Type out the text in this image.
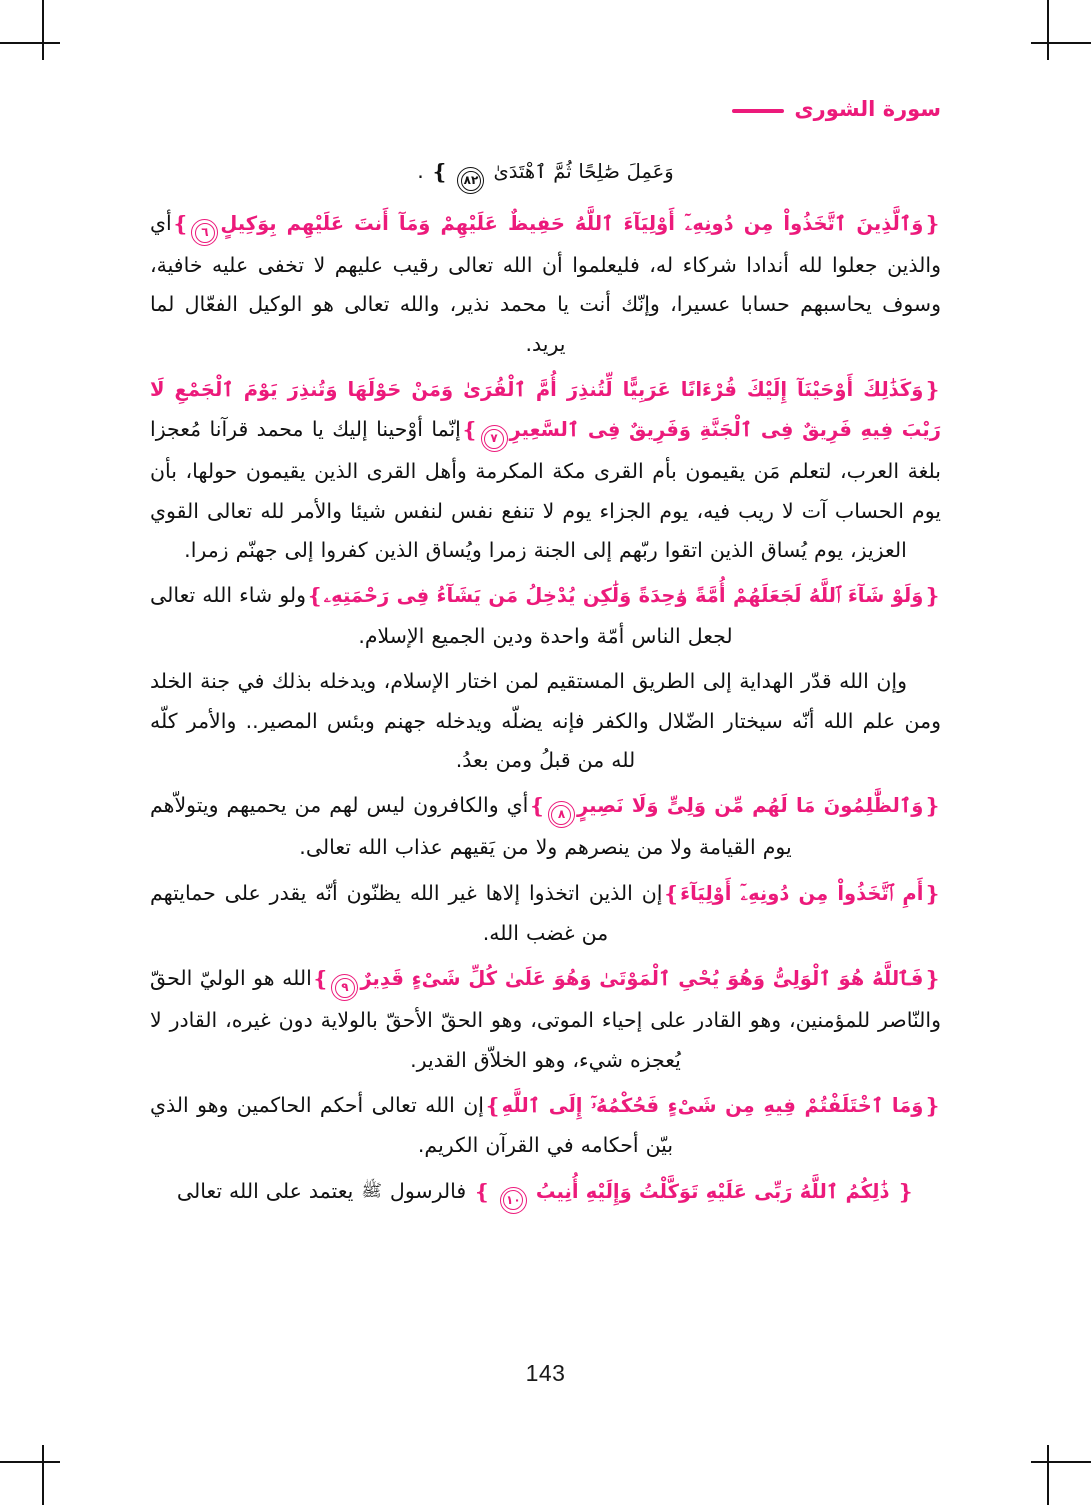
سورة الشورى

وَعَمِلَ صَٰلِحًا ثُمَّ ٱهْتَدَىٰ
٨٢ ❵ .

❴وَٱلَّذِينَ ٱتَّخَذُواْ مِن دُونِهِۦٓ أَوْلِيَآءَ ٱللَّهُ حَفِيظٌ عَلَيْهِمْ وَمَآ أَنتَ عَلَيْهِم بِوَكِيلٍ
٦❵أي والذين جعلوا لله أندادا شركاء له، فليعلموا أن الله تعالى رقيب عليهم لا تخفى عليه خافية، وسوف يحاسبهم حسابا عسيرا، وإنّك أنت يا محمد نذير، والله تعالى هو الوكيل الفعّال لما يريد.

❴وَكَذَٰلِكَ أَوْحَيْنَآ إِلَيْكَ قُرْءَانًا عَرَبِيًّا لِّتُنذِرَ أُمَّ ٱلْقُرَىٰ وَمَنْ حَوْلَهَا وَتُنذِرَ يَوْمَ ٱلْجَمْعِ لَا رَيْبَ فِيهِ فَرِيقٌ فِى ٱلْجَنَّةِ وَفَرِيقٌ فِى ٱلسَّعِيرِ
٧❵إنّما أوْحينا إليك يا محمد قرآنا مُعجزا بلغة العرب، لتعلم مَن يقيمون بأم القرى مكة المكرمة وأهل القرى الذين يقيمون حولها، بأن يوم الحساب آت لا ريب فيه، يوم الجزاء يوم لا تنفع نفس لنفس شيئا والأمر لله تعالى القوي العزيز، يوم يُساق الذين اتقوا ربّهم إلى الجنة زمرا ويُساق الذين كفروا إلى جهنّم زمرا.

❴وَلَوْ شَآءَ ٱللَّهُ لَجَعَلَهُمْ أُمَّةً وَٰحِدَةً وَلَٰكِن يُدْخِلُ مَن يَشَآءُ فِى رَحْمَتِهِۦ❵ولو شاء الله تعالى لجعل الناس أمّة واحدة ودين الجميع الإسلام.

وإن الله قدّر الهداية إلى الطريق المستقيم لمن اختار الإسلام، ويدخله بذلك في جنة الخلد ومن علم الله أنّه سيختار الضّلال والكفر فإنه يضلّه ويدخله جهنم وبئس المصير.. والأمر كلّه لله من قبلُ ومن بعدُ.

❴وَٱلظَّٰلِمُونَ مَا لَهُم مِّن وَلِىٍّ وَلَا نَصِيرٍ
٨❵أي والكافرون ليس لهم من يحميهم ويتولاّهم يوم القيامة ولا من ينصرهم ولا من يَقيهم عذاب الله تعالى.

❴أَمِ ٱتَّخَذُواْ مِن دُونِهِۦٓ أَوْلِيَآءَ❵إن الذين اتخذوا إلاها غير الله يظنّون أنّه يقدر على حمايتهم من غضب الله.

❴فَٱللَّهُ هُوَ ٱلْوَلِىُّ وَهُوَ يُحْىِ ٱلْمَوْتَىٰ وَهُوَ عَلَىٰ كُلِّ شَىْءٍ قَدِيرٌ
٩❵الله هو الوليّ الحقّ والنّاصر للمؤمنين، وهو القادر على إحياء الموتى، وهو الحقّ الأحقّ بالولاية دون غيره، القادر لا يُعجزه شيء، وهو الخلاّق القدير.

❴وَمَا ٱخْتَلَفْتُمْ فِيهِ مِن شَىْءٍ فَحُكْمُهُۥٓ إِلَى ٱللَّهِ❵إن الله تعالى أحكم الحاكمين وهو الذي بيّن أحكامه في القرآن الكريم.

❴ ذَٰلِكُمُ ٱللَّهُ رَبِّى عَلَيْهِ تَوَكَّلْتُ وَإِلَيْهِ أُنِيبُ
١٠ ❵ فالرسول ﷺ يعتمد على الله تعالى

143
